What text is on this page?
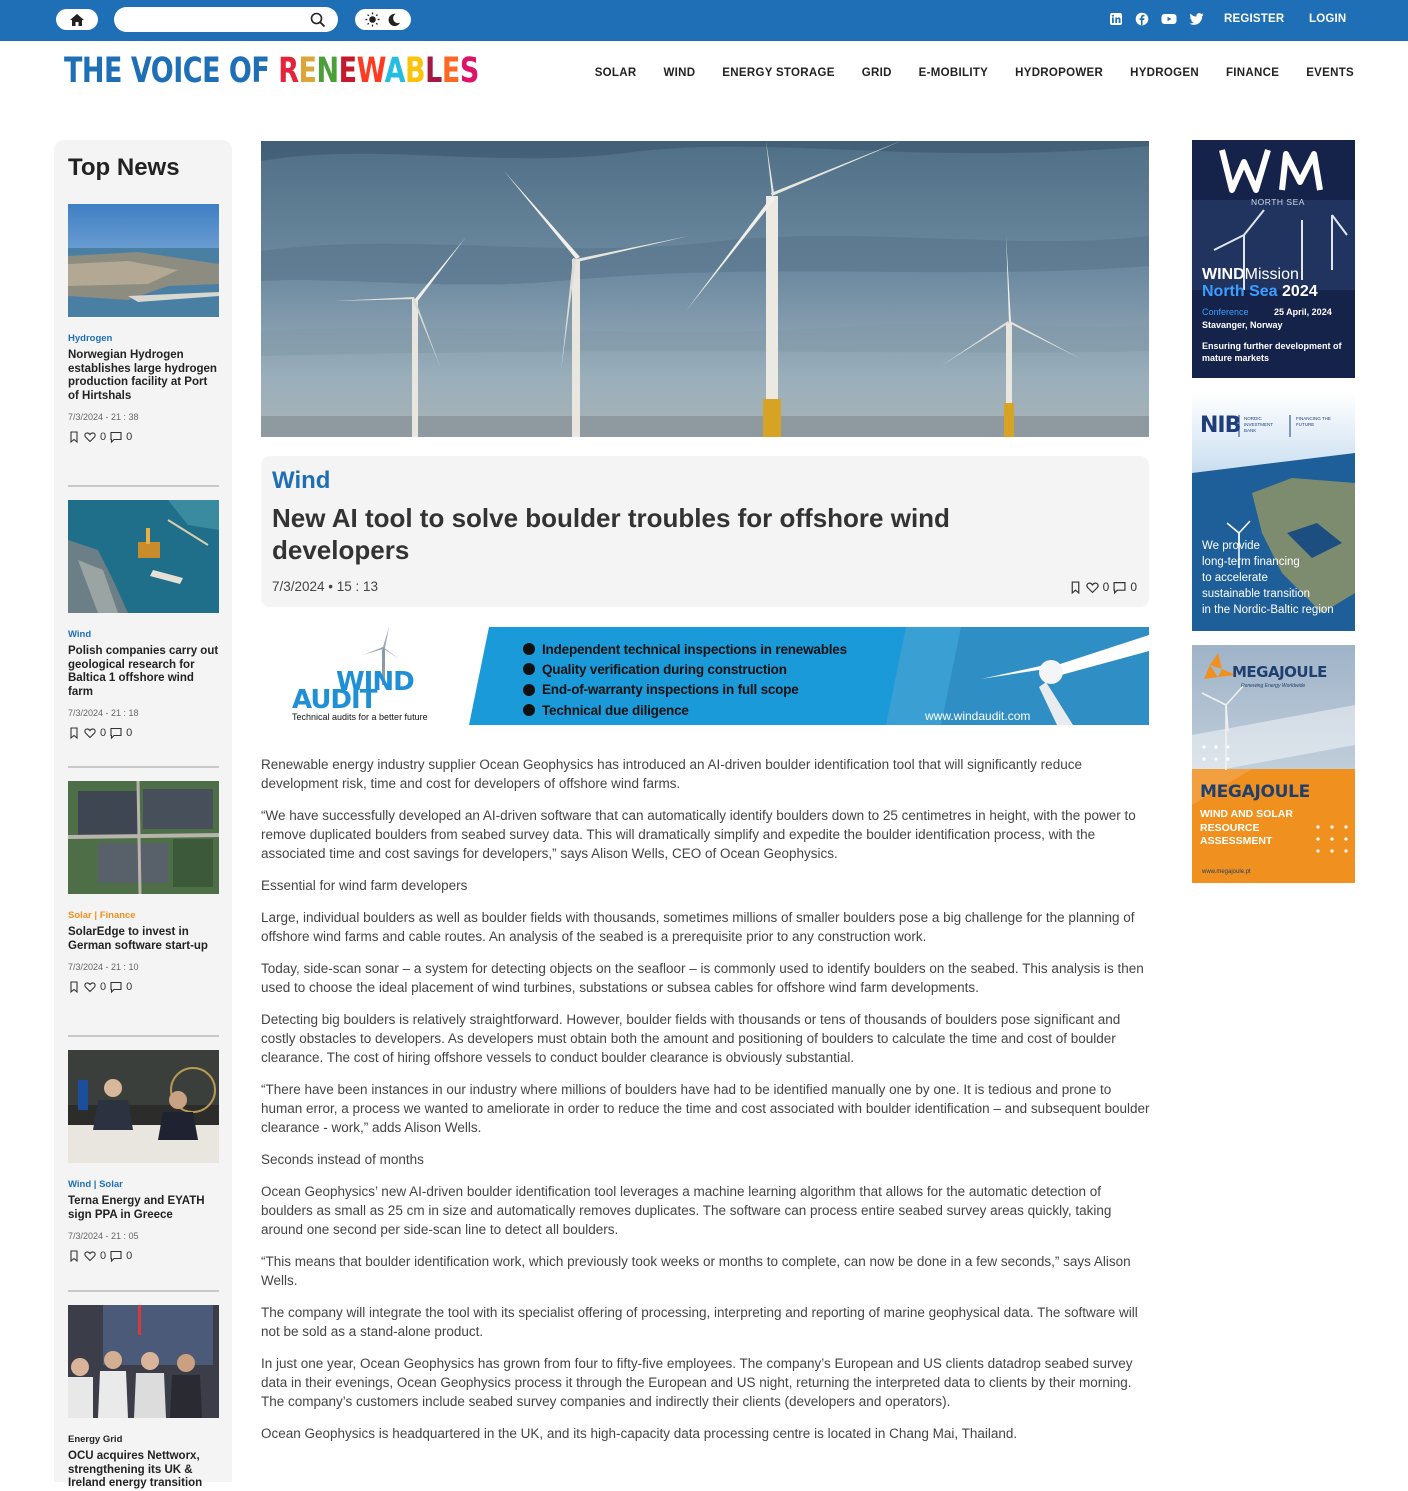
REGISTER LOGIN
THE VOICE OF RENEWABLES	SOLAR WIND ENERGY STORAGE GRID E-MOBILITY HYDROPOWER HYDROGEN FINANCE EVENTS
Top News
Hydrogen
Norwegian Hydrogen establishes large hydrogen production facility at Port of Hirtshals
7/3/2024 - 21 : 38
0 0
Wind
Polish companies carry out geological research for Baltica 1 offshore wind farm
7/3/2024 - 21 : 18
0 0
Solar | Finance
SolarEdge to invest in German software start-up
7/3/2024 - 21 : 10
0 0
Wind | Solar
Terna Energy and EYATH sign PPA in Greece
7/3/2024 - 21 : 05
0 0
Energy Grid
OCU acquires Nettworx, strengthening its UK & Ireland energy transition
Wind
New AI tool to solve boulder troubles for offshore wind developers
7/3/2024 • 15 : 13	0 0
WIND
AUDIT
Technical audits for a better future
Independent technical inspections in renewables
Quality verification during construction
End-of-warranty inspections in full scope
Technical due diligence	www.windaudit.com

Renewable energy industry supplier Ocean Geophysics has introduced an AI-driven boulder identification tool that will significantly reduce development risk, time and cost for developers of offshore wind farms.

“We have successfully developed an AI-driven software that can automatically identify boulders down to 25 centimetres in height, with the power to remove duplicated boulders from seabed survey data. This will dramatically simplify and expedite the boulder identification process, with the associated time and cost savings for developers,” says Alison Wells, CEO of Ocean Geophysics.

Essential for wind farm developers

Large, individual boulders as well as boulder fields with thousands, sometimes millions of smaller boulders pose a big challenge for the planning of offshore wind farms and cable routes. An analysis of the seabed is a prerequisite prior to any construction work.

Today, side-scan sonar – a system for detecting objects on the seafloor – is commonly used to identify boulders on the seabed. This analysis is then used to choose the ideal placement of wind turbines, substations or subsea cables for offshore wind farm developments.

Detecting big boulders is relatively straightforward. However, boulder fields with thousands or tens of thousands of boulders pose significant and costly obstacles to developers. As developers must obtain both the amount and positioning of boulders to calculate the time and cost of boulder clearance. The cost of hiring offshore vessels to conduct boulder clearance is obviously substantial.

“There have been instances in our industry where millions of boulders have had to be identified manually one by one. It is tedious and prone to human error, a process we wanted to ameliorate in order to reduce the time and cost associated with boulder identification – and subsequent boulder clearance - work,” adds Alison Wells.

Seconds instead of months

Ocean Geophysics’ new AI-driven boulder identification tool leverages a machine learning algorithm that allows for the automatic detection of boulders as small as 25 cm in size and automatically removes duplicates. The software can process entire seabed survey areas quickly, taking around one second per side-scan line to detect all boulders.

“This means that boulder identification work, which previously took weeks or months to complete, can now be done in a few seconds,” says Alison Wells.

The company will integrate the tool with its specialist offering of processing, interpreting and reporting of marine geophysical data. The software will not be sold as a stand-alone product.

In just one year, Ocean Geophysics has grown from four to fifty-five employees. The company’s European and US clients datadrop seabed survey data in their evenings, Ocean Geophysics process it through the European and US night, returning the interpreted data to clients by their morning. The company’s customers include seabed survey companies and indirectly their clients (developers and operators).

Ocean Geophysics is headquartered in the UK, and its high-capacity data processing centre is located in Chang Mai, Thailand.

NORTH SEA
WINDMission
North Sea 2024
Conference	25 April, 2024
Stavanger, Norway
Ensuring further development of mature markets
NIB NORDIC INVESTMENT BANK
FINANCING THE FUTURE
We provide
long-term financing
to accelerate
sustainable transition
in the Nordic-Baltic region
MEGAJOULE
Renewing Energy Worldwide
MEGAJOULE
WIND AND SOLAR
RESOURCE
ASSESSMENT
www.megajoule.pt
